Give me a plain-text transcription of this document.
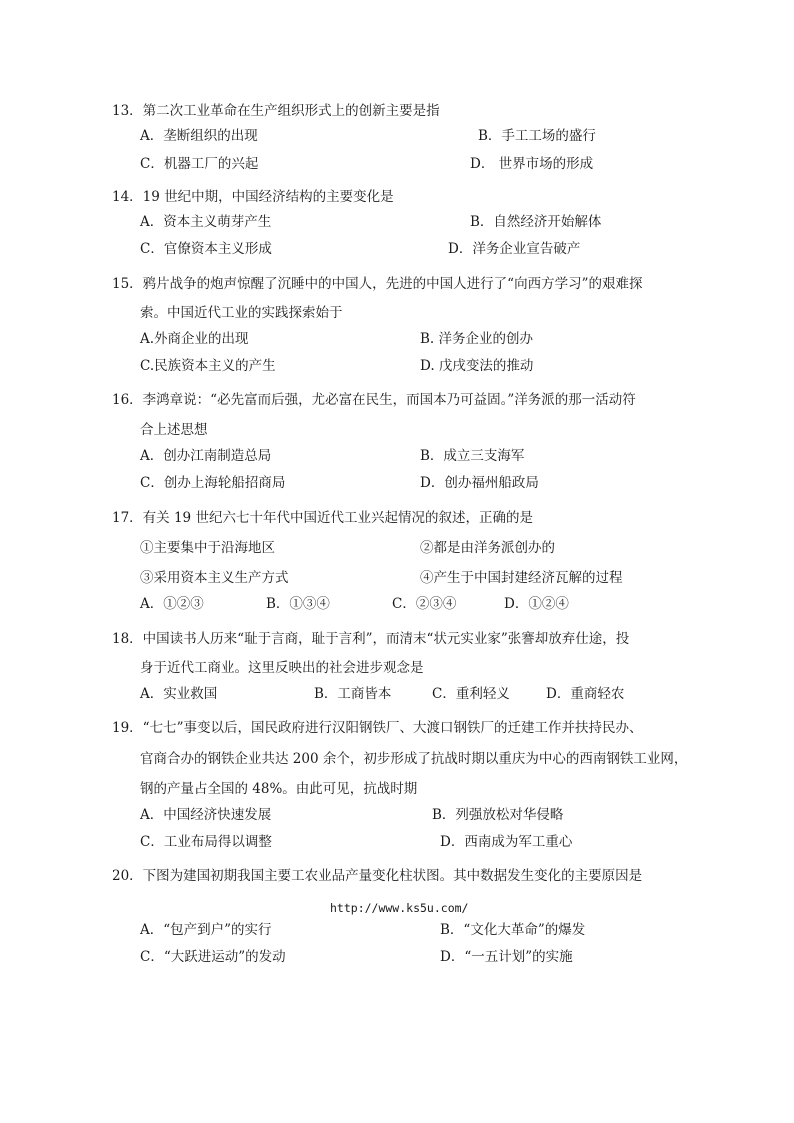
13．第二次工业革命在生产组织形式上的创新主要是指
A．垄断组织的出现	B．手工工场的盛行
C．机器工厂的兴起	D． 世界市场的形成
14．19 世纪中期，中国经济结构的主要变化是
A．资本主义萌芽产生	B．自然经济开始解体
C．官僚资本主义形成	D．洋务企业宣告破产
15．鸦片战争的炮声惊醒了沉睡中的中国人，先进的中国人进行了“向西方学习”的艰难探
索。中国近代工业的实践探索始于
A.外商企业的出现	B. 洋务企业的创办
C.民族资本主义的产生	D. 戊戌变法的推动
16．李鸿章说：“必先富而后强，尤必富在民生，而国本乃可益固。”洋务派的那一活动符
合上述思想
A．创办江南制造总局	B．成立三支海军
C．创办上海轮船招商局	D．创办福州船政局
17．有关 19 世纪六七十年代中国近代工业兴起情况的叙述，正确的是
①主要集中于沿海地区	②都是由洋务派创办的
③采用资本主义生产方式	④产生于中国封建经济瓦解的过程
A．①②③	B．①③④	C．②③④	D．①②④
18．中国读书人历来“耻于言商，耻于言利”，而清末“状元实业家”张謇却放弃仕途，投
身于近代工商业。这里反映出的社会进步观念是
A．实业救国	B．工商皆本	C．重利轻义	D．重商轻农
19．“七七”事变以后，国民政府进行汉阳钢铁厂、大渡口钢铁厂的迁建工作并扶持民办、
官商合办的钢铁企业共达 200 余个，初步形成了抗战时期以重庆为中心的西南钢铁工业网，
钢的产量占全国的 48%。由此可见，抗战时期
A．中国经济快速发展	B．列强放松对华侵略
C．工业布局得以调整	D．西南成为军工重心
20．下图为建国初期我国主要工农业品产量变化柱状图。其中数据发生变化的主要原因是
http://www.ks5u.com/
A．“包产到户”的实行	B．“文化大革命”的爆发
C．“大跃进运动”的发动	D．“一五计划”的实施
